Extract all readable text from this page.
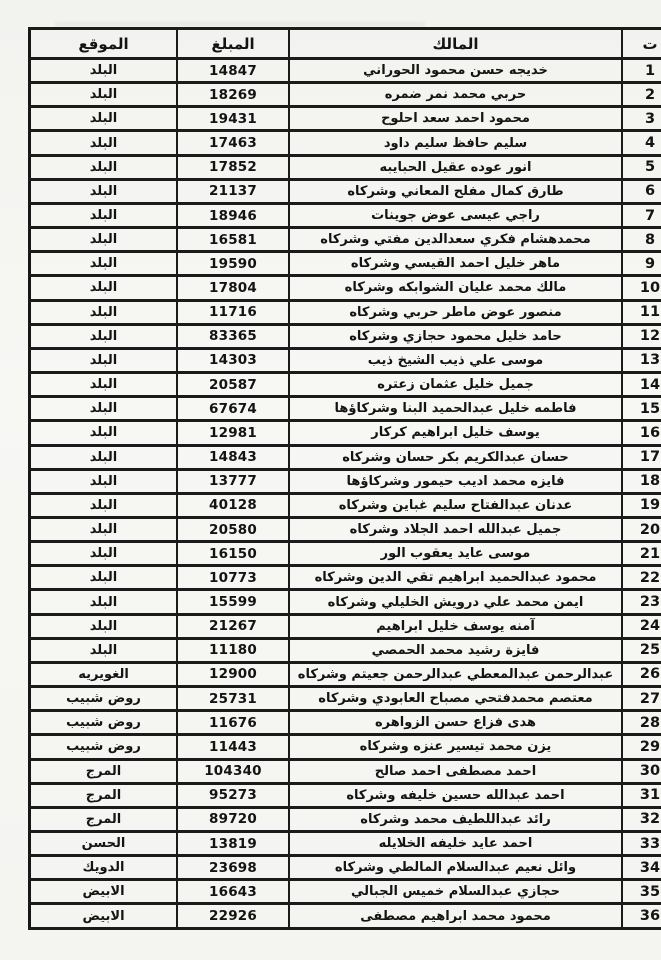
ت	المالك	المبلغ	الموقع
1	خديجه حسن محمود الحوراني	14847	البلد
2	حربي محمد نمر ضمره	18269	البلد
3	محمود احمد سعد احلوح	19431	البلد
4	سليم حافظ سليم داود	17463	البلد
5	انور عوده عقيل الحبايبه	17852	البلد
6	طارق كمال مفلح المعاني وشركاه	21137	البلد
7	راجي عيسى عوض جوينات	18946	البلد
8	محمدهشام فكري سعدالدين مفتي وشركاه	16581	البلد
9	ماهر خليل احمد القيسي وشركاه	19590	البلد
10	مالك محمد عليان الشوابكه وشركاه	17804	البلد
11	منصور عوض ماطر حربي وشركاه	11716	البلد
12	حامد خليل محمود حجازي وشركاه	83365	البلد
13	موسى علي ذيب الشيخ ذيب	14303	البلد
14	جميل خليل عثمان زعتره	20587	البلد
15	فاطمه خليل عبدالحميد البنا وشركاؤها	67674	البلد
16	يوسف خليل ابراهيم كركار	12981	البلد
17	حسان عبدالكريم بكر حسان وشركاه	14843	البلد
18	فايزه محمد اديب حيمور وشركاؤها	13777	البلد
19	عدنان عبدالفتاح سليم غباين وشركاه	40128	البلد
20	جميل عبدالله احمد الجلاد وشركاه	20580	البلد
21	موسى عايد يعقوب الور	16150	البلد
22	محمود عبدالحميد ابراهيم تقي الدين وشركاه	10773	البلد
23	ايمن محمد علي درويش الخليلي وشركاه	15599	البلد
24	آمنه يوسف خليل ابراهيم	21267	البلد
25	فايزة رشيد محمد الحمصي	11180	البلد
26	عبدالرحمن عبدالمعطي عبدالرحمن جعيتم وشركاه	12900	الغويريه
27	معتصم محمدفتحي مصباح العابودي وشركاه	25731	روض شبيب
28	هدى فزاع حسن الزواهره	11676	روض شبيب
29	يزن محمد تيسير عنزه وشركاه	11443	روض شبيب
30	احمد مصطفى احمد صالح	104340	المرج
31	احمد عبدالله حسين خليفه وشركاه	95273	المرج
32	رائد عبداللطيف محمد وشركاه	89720	المرج
33	احمد عايد خليفه الخلايله	13819	الحسن
34	وائل نعيم عبدالسلام المالطي وشركاه	23698	الدويك
35	حجازي عبدالسلام خميس الجبالي	16643	الابيض
36	محمود محمد ابراهيم مصطفى	22926	الابيض
